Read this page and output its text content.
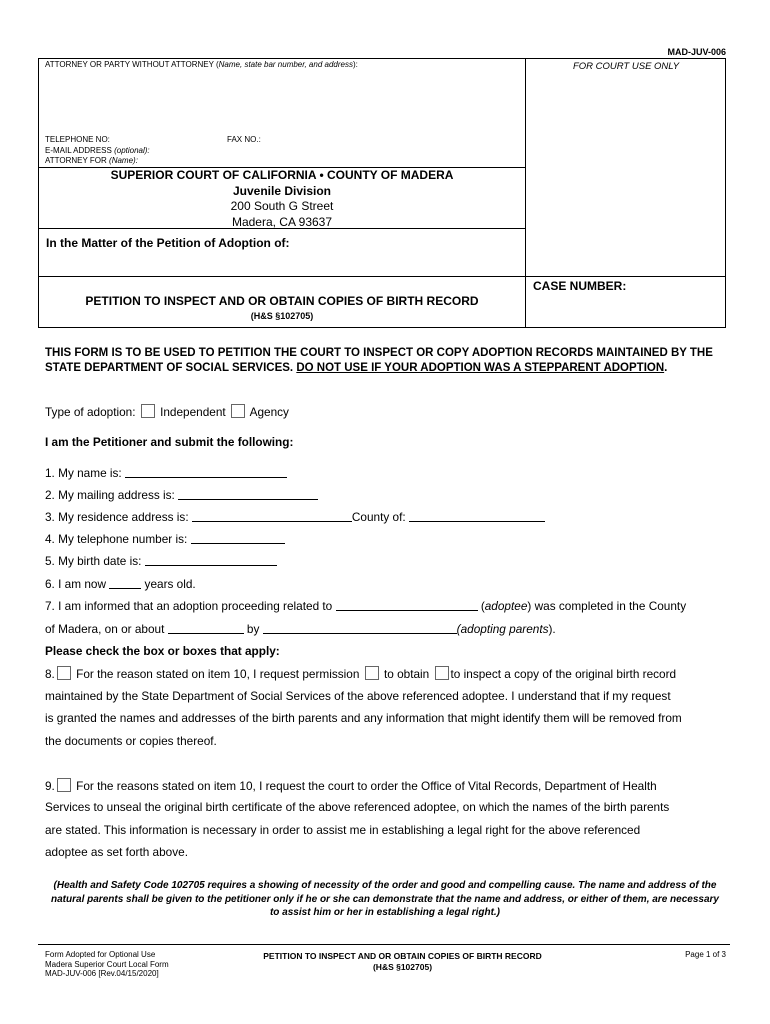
MAD-JUV-006
ATTORNEY OR PARTY WITHOUT ATTORNEY (Name, state bar number, and address):	FOR COURT USE ONLY
TELEPHONE NO:	FAX NO.:
E-MAIL ADDRESS (optional):
ATTORNEY FOR (Name):
SUPERIOR COURT OF CALIFORNIA • COUNTY OF MADERA
Juvenile Division
200 South G Street
Madera, CA 93637
In the Matter of the Petition of Adoption of:
CASE NUMBER:
PETITION TO INSPECT AND OR OBTAIN COPIES OF BIRTH RECORD
(H&S §102705)
THIS FORM IS TO BE USED TO PETITION THE COURT TO INSPECT OR COPY ADOPTION RECORDS MAINTAINED BY THE STATE DEPARTMENT OF SOCIAL SERVICES. DO NOT USE IF YOUR ADOPTION WAS A STEPPARENT ADOPTION.
Type of adoption: Independent Agency
I am the Petitioner and submit the following:
1. My name is:
2. My mailing address is:
3. My residence address is:	County of:
4. My telephone number is:
5. My birth date is:
6. I am now	years old.
7. I am informed that an adoption proceeding related to	(adoptee) was completed in the County
of Madera, on or about	by	(adopting parents).
Please check the box or boxes that apply:
8. For the reason stated on item 10, I request permission to obtain to inspect a copy of the original birth record
maintained by the State Department of Social Services of the above referenced adoptee. I understand that if my request
is granted the names and addresses of the birth parents and any information that might identify them will be removed from
the documents or copies thereof.
9. For the reasons stated on item 10, I request the court to order the Office of Vital Records, Department of Health
Services to unseal the original birth certificate of the above referenced adoptee, on which the names of the birth parents
are stated. This information is necessary in order to assist me in establishing a legal right for the above referenced
adoptee as set forth above.
(Health and Safety Code 102705 requires a showing of necessity of the order and good and compelling cause. The name and address of the natural parents shall be given to the petitioner only if he or she can demonstrate that the name and address, or either of them, are necessary to assist him or her in establishing a legal right.)
Form Adopted for Optional Use
Madera Superior Court Local Form
MAD-JUV-006 [Rev.04/15/2020]
PETITION TO INSPECT AND OR OBTAIN COPIES OF BIRTH RECORD
(H&S §102705)
Page 1 of 3
